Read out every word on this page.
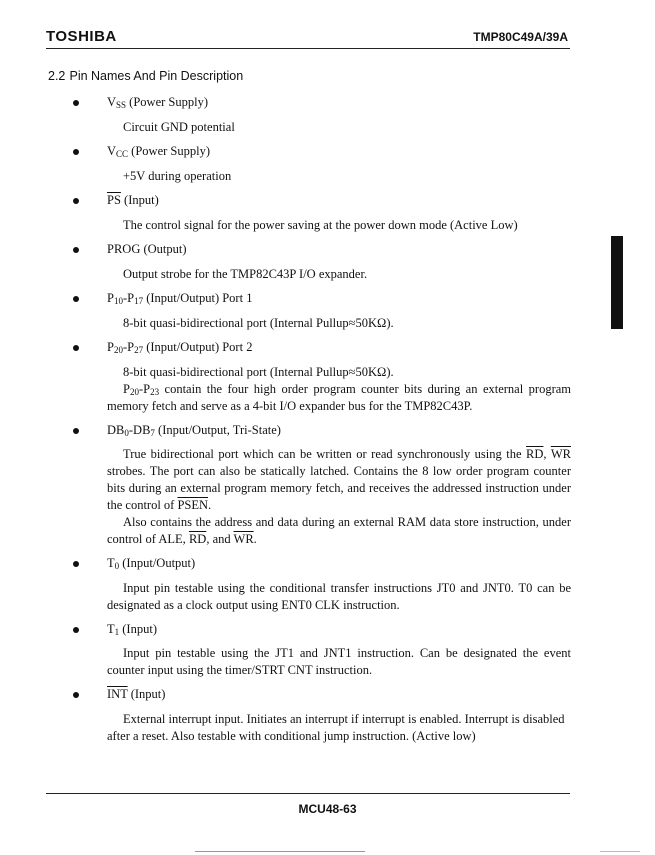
TOSHIBA	TMP80C49A/39A
2.2 Pin Names And Pin Description
$V_{SS}$ (Power Supply)
Circuit GND potential
$V_{CC}$ (Power Supply)
+5V during operation
$\overline{PS}$ (Input)
The control signal for the power saving at the power down mode (Active Low)
PROG (Output)
Output strobe for the TMP82C43P I/O expander.
$P_{10}-P_{17}$ (Input/Output) Port 1
8-bit quasi-bidirectional port (Internal Pullup≈50KΩ).
$P_{20}-P_{27}$ (Input/Output) Port 2
8-bit quasi-bidirectional port (Internal Pullup≈50KΩ).
$P_{20}-P_{23}$ contain the four high order program counter bits during an external program memory fetch and serve as a 4-bit I/O expander bus for the TMP82C43P.
$DB_0-DB_7$ (Input/Output, Tri-State)
True bidirectional port which can be written or read synchronously using the $\overline{RD}$, $\overline{WR}$ strobes. The port can also be statically latched. Contains the 8 low order program counter bits during an external program memory fetch, and receives the addressed instruction under the control of PSEN.
Also contains the address and data during an external RAM data store instruction, under control of ALE, $\overline{RD}$, and $\overline{WR}$.
$T_0$ (Input/Output)
Input pin testable using the conditional transfer instructions JT0 and JNT0. T0 can be designated as a clock output using ENT0 CLK instruction.
$T_1$ (Input)
Input pin testable using the JT1 and JNT1 instruction. Can be designated the event counter input using the timer/STRT CNT instruction.
$\overline{INT}$ (Input)
External interrupt input. Initiates an interrupt if interrupt is enabled. Interrupt is disabled after a reset. Also testable with conditional jump instruction. (Active low)
MCU48-63
